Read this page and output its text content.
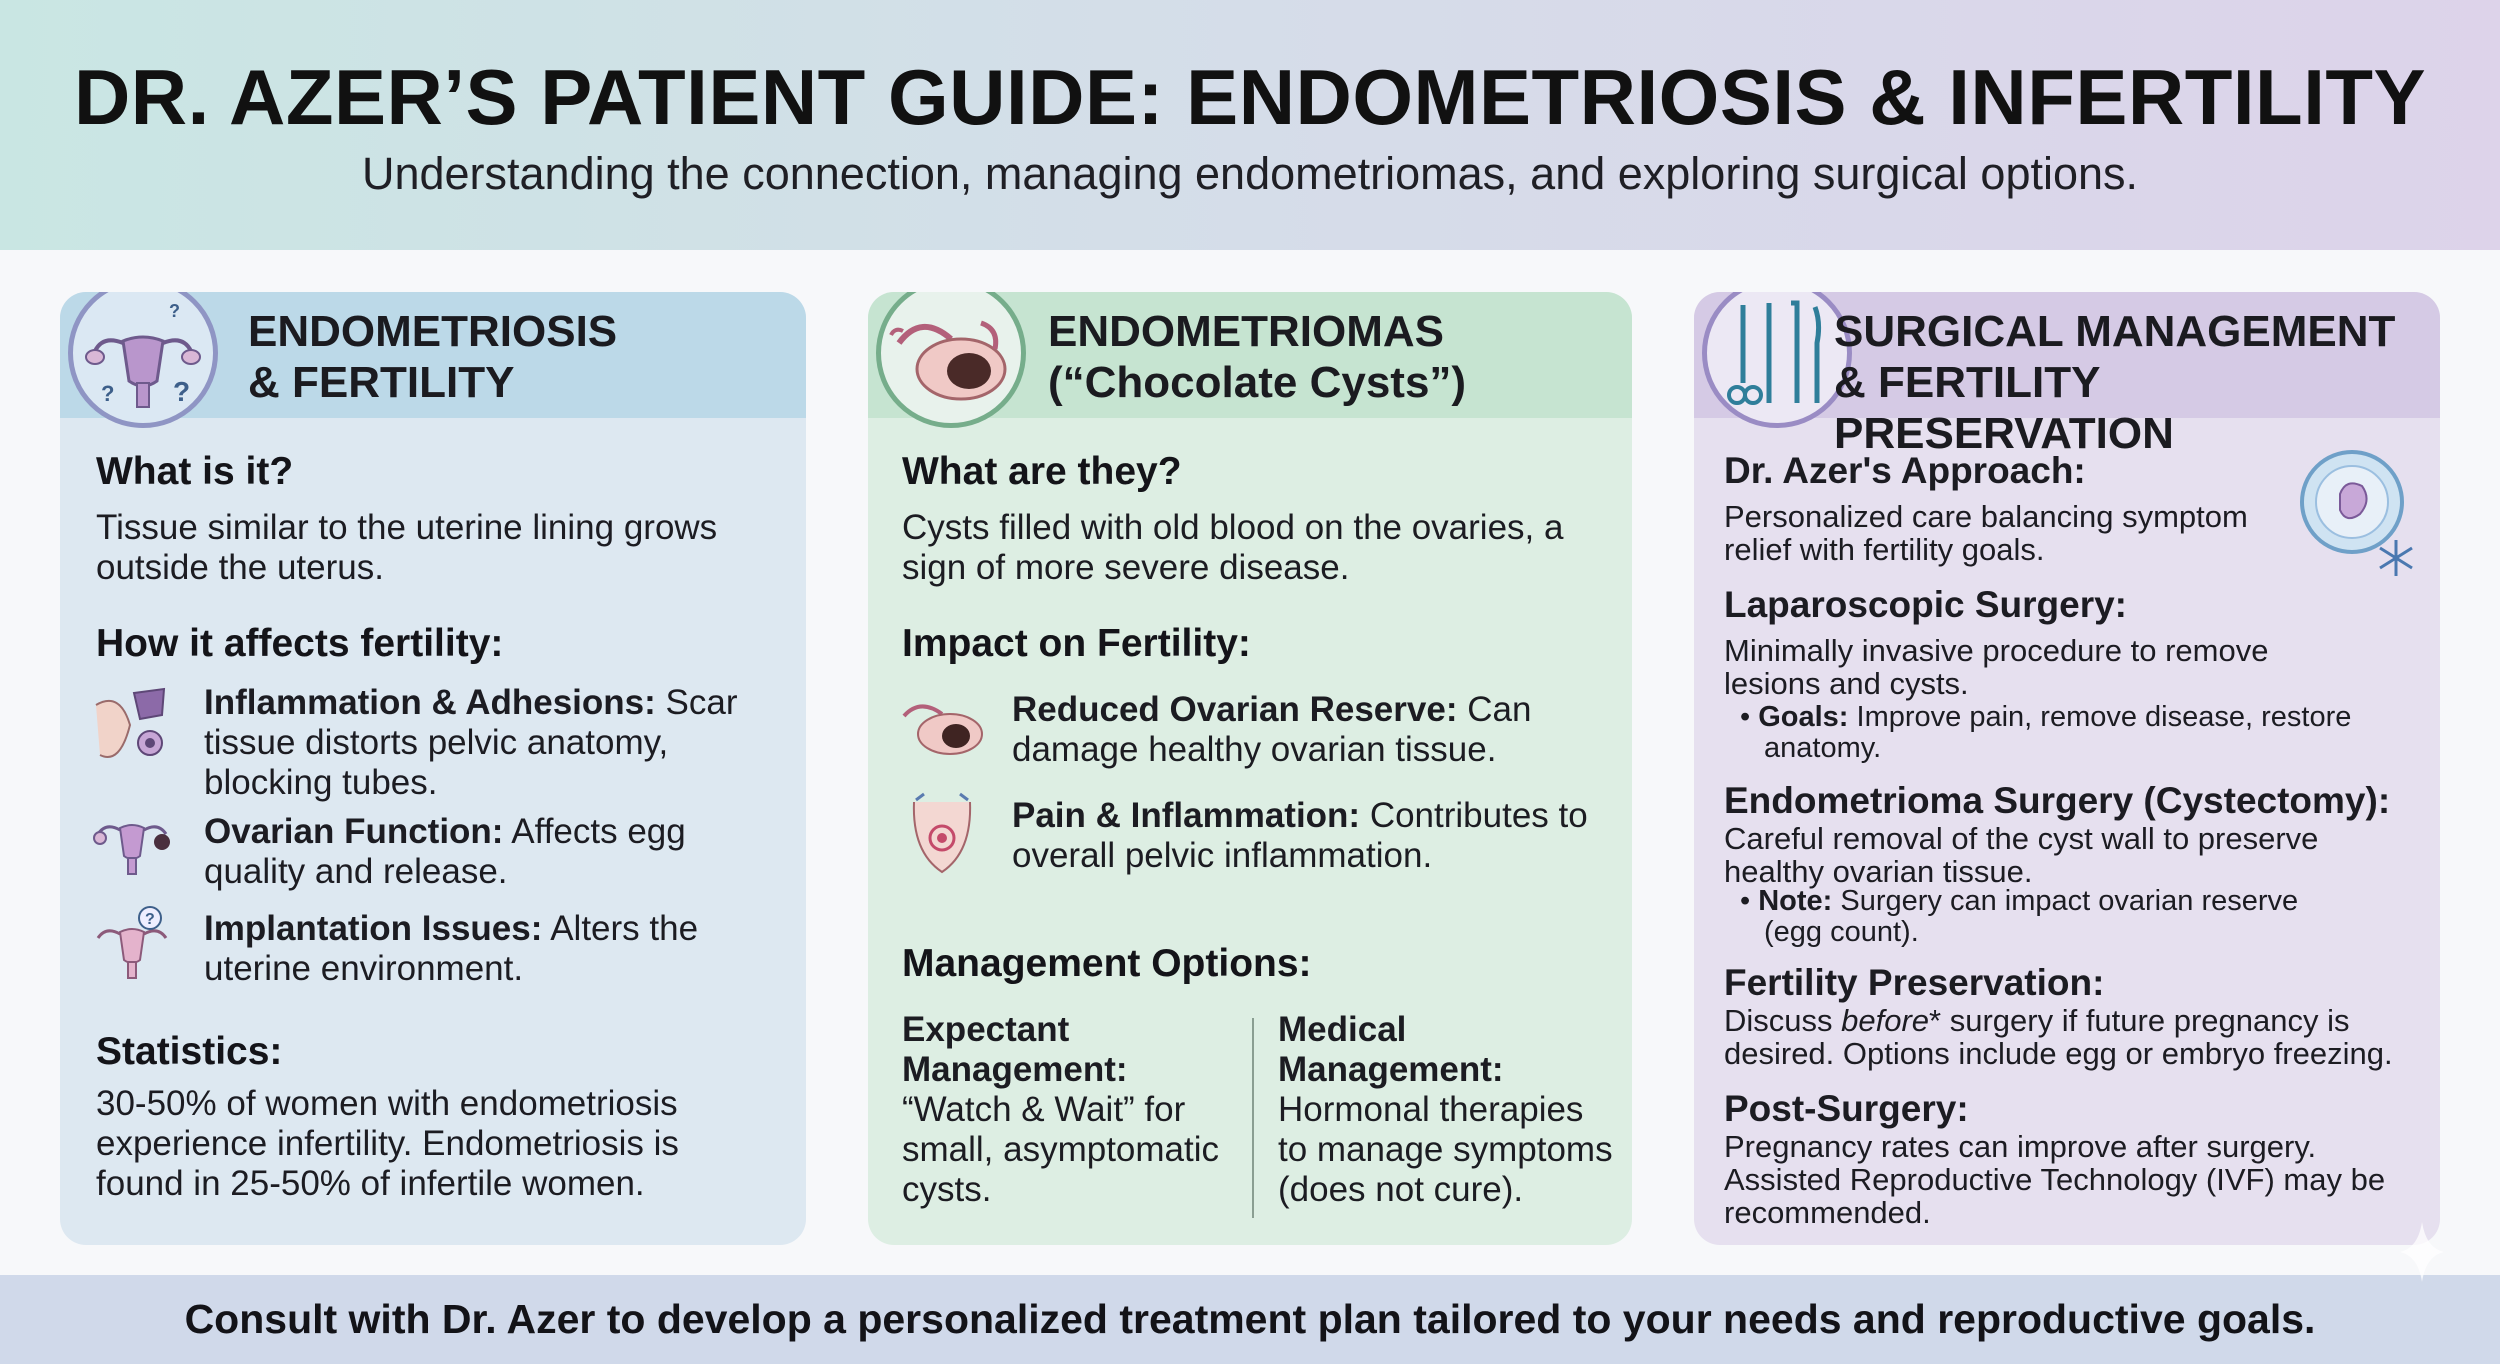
DR. AZER’S PATIENT GUIDE: ENDOMETRIOSIS & INFERTILITY
Understanding the connection, managing endometriomas, and exploring surgical options.
? ?
? ENDOMETRIOSIS
& FERTILITY
What is it?
Tissue similar to the uterine lining grows
outside the uterus.
How it affects fertility:
Inflammation & Adhesions: Scar
tissue distorts pelvic anatomy,
blocking tubes.
Ovarian Function: Affects egg
quality and release.
? Implantation Issues: Alters the
uterine environment.
Statistics:
30-50% of women with endometriosis
experience infertility. Endometriosis is
found in 25-50% of infertile women.
ENDOMETRIOMAS
(“Chocolate Cysts”)
What are they?
Cysts filled with old blood on the ovaries, a
sign of more severe disease.
Impact on Fertility:
Reduced Ovarian Reserve: Can
damage healthy ovarian tissue.
Pain & Inflammation: Contributes to
overall pelvic inflammation.
Management Options:
Expectant
Management:
“Watch & Wait” for
small, asymptomatic
cysts.
Medical
Management:
Hormonal therapies
to manage symptoms
(does not cure).
SURGICAL MANAGEMENT
& FERTILITY PRESERVATION
Dr. Azer's Approach:
Personalized care balancing symptom
relief with fertility goals.
Laparoscopic Surgery:
Minimally invasive procedure to remove
lesions and cysts.
• Goals: Improve pain, remove disease, restore
anatomy.
Endometrioma Surgery (Cystectomy):
Careful removal of the cyst wall to preserve
healthy ovarian tissue.
• Note: Surgery can impact ovarian reserve
(egg count).
Fertility Preservation:
Discuss before* surgery if future pregnancy is
desired. Options include egg or embryo freezing.
Post-Surgery:
Pregnancy rates can improve after surgery.
Assisted Reproductive Technology (IVF) may be
recommended.
Consult with Dr. Azer to develop a personalized treatment plan tailored to your needs and reproductive goals.
